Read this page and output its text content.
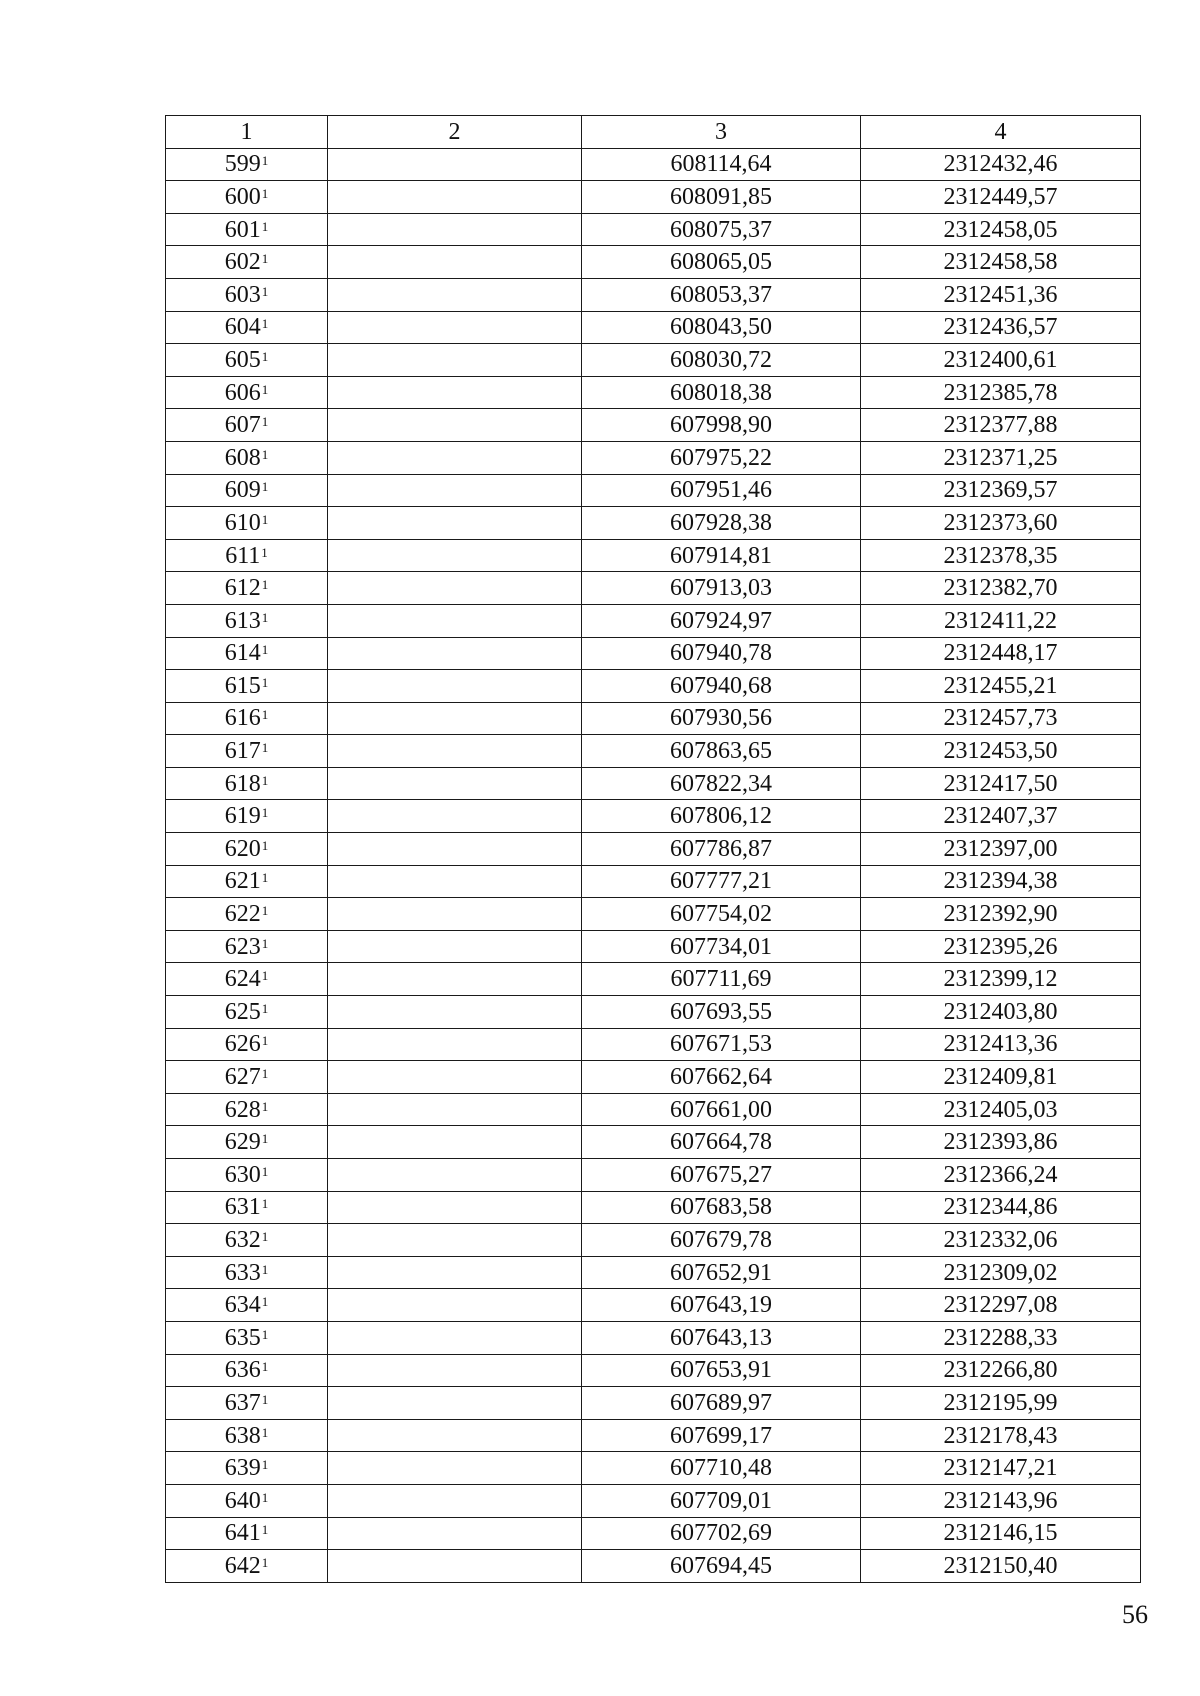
1	2	3	4
$599^1$		608114,64	2312432,46
$600^1$		608091,85	2312449,57
$601^1$		608075,37	2312458,05
$602^1$		608065,05	2312458,58
$603^1$		608053,37	2312451,36
$604^1$		608043,50	2312436,57
$605^1$		608030,72	2312400,61
$606^1$		608018,38	2312385,78
$607^1$		607998,90	2312377,88
$608^1$		607975,22	2312371,25
$609^1$		607951,46	2312369,57
$610^1$		607928,38	2312373,60
$611^1$		607914,81	2312378,35
$612^1$		607913,03	2312382,70
$613^1$		607924,97	2312411,22
$614^1$		607940,78	2312448,17
$615^1$		607940,68	2312455,21
$616^1$		607930,56	2312457,73
$617^1$		607863,65	2312453,50
$618^1$		607822,34	2312417,50
$619^1$		607806,12	2312407,37
$620^1$		607786,87	2312397,00
$621^1$		607777,21	2312394,38
$622^1$		607754,02	2312392,90
$623^1$		607734,01	2312395,26
$624^1$		607711,69	2312399,12
$625^1$		607693,55	2312403,80
$626^1$		607671,53	2312413,36
$627^1$		607662,64	2312409,81
$628^1$		607661,00	2312405,03
$629^1$		607664,78	2312393,86
$630^1$		607675,27	2312366,24
$631^1$		607683,58	2312344,86
$632^1$		607679,78	2312332,06
$633^1$		607652,91	2312309,02
$634^1$		607643,19	2312297,08
$635^1$		607643,13	2312288,33
$636^1$		607653,91	2312266,80
$637^1$		607689,97	2312195,99
$638^1$		607699,17	2312178,43
$639^1$		607710,48	2312147,21
$640^1$		607709,01	2312143,96
$641^1$		607702,69	2312146,15
$642^1$		607694,45	2312150,40
56
